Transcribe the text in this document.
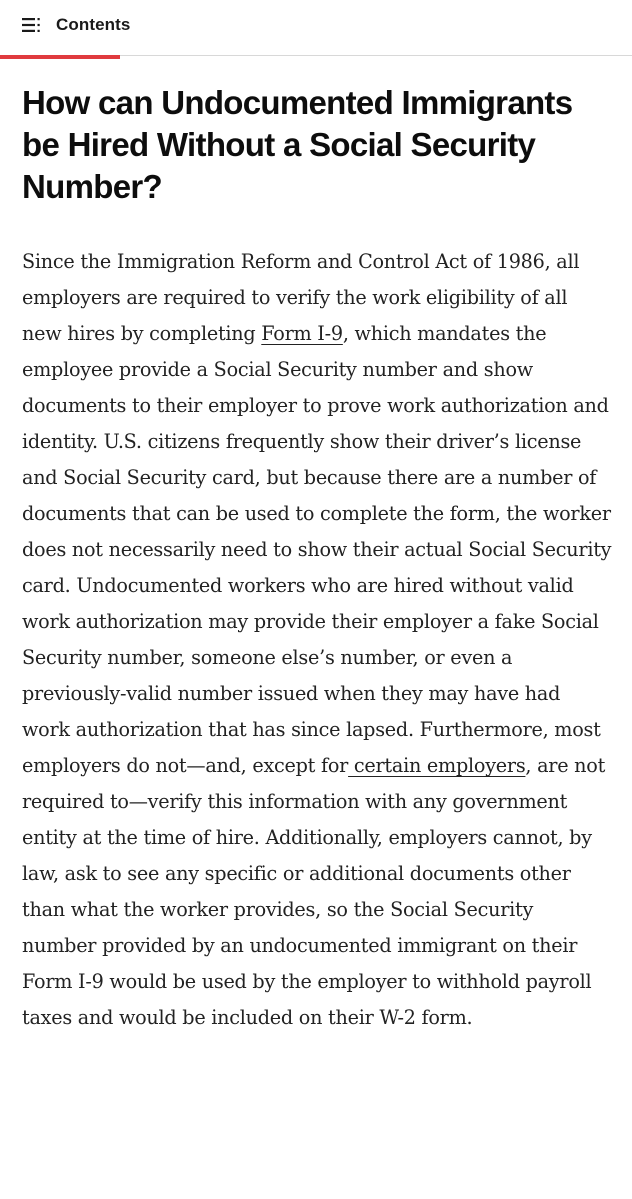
Contents
How can Undocumented Immigrants be Hired Without a Social Security Number?

Since the Immigration Reform and Control Act of 1986, all employers are required to verify the work eligibility of all new hires by completing Form I-9, which mandates the employee provide a Social Security number and show documents to their employer to prove work authorization and identity. U.S. citizens frequently show their driver’s license and Social Security card, but because there are a number of documents that can be used to complete the form, the worker does not necessarily need to show their actual Social Security card. Undocumented workers who are hired without valid work authorization may provide their employer a fake Social Security number, someone else’s number, or even a previously-valid number issued when they may have had work authorization that has since lapsed. Furthermore, most employers do not—and, except for certain employers, are not required to—verify this information with any government entity at the time of hire. Additionally, employers cannot, by law, ask to see any specific or additional documents other than what the worker provides, so the Social Security number provided by an undocumented immigrant on their Form I-9 would be used by the employer to withhold payroll taxes and would be included on their W-2 form.
